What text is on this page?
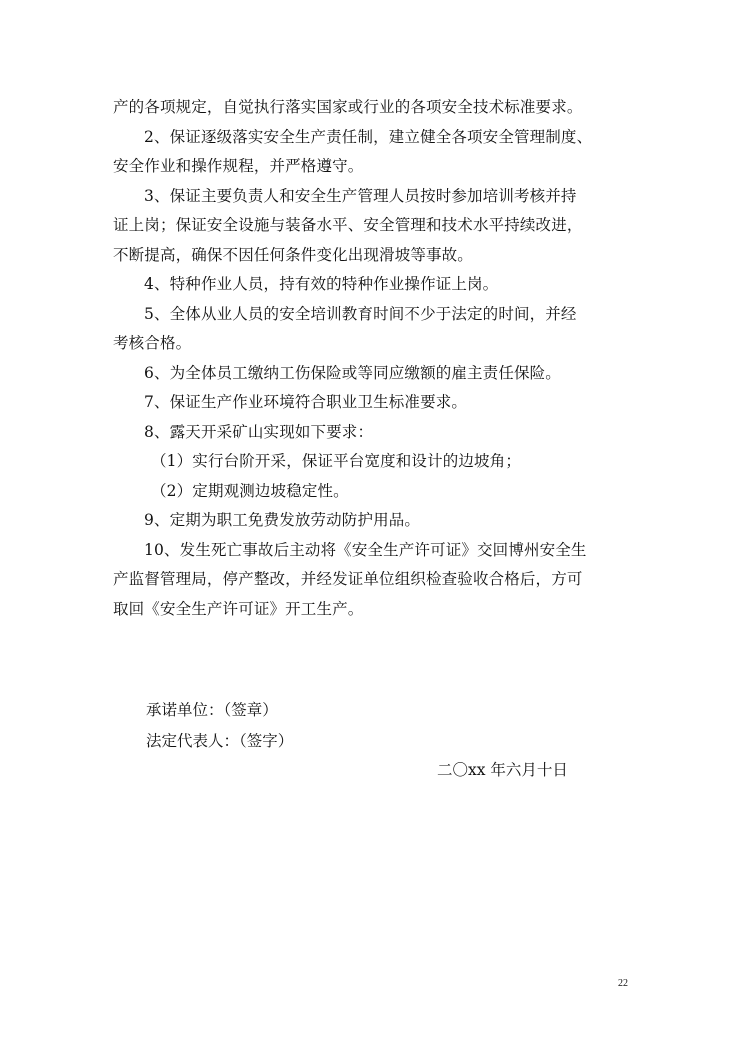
产的各项规定，自觉执行落实国家或行业的各项安全技术标准要求。
2、保证逐级落实安全生产责任制，建立健全各项安全管理制度、
安全作业和操作规程，并严格遵守。
3、保证主要负责人和安全生产管理人员按时参加培训考核并持
证上岗；保证安全设施与装备水平、安全管理和技术水平持续改进，
不断提高，确保不因任何条件变化出现滑坡等事故。
4、特种作业人员，持有效的特种作业操作证上岗。
5、全体从业人员的安全培训教育时间不少于法定的时间，并经
考核合格。
6、为全体员工缴纳工伤保险或等同应缴额的雇主责任保险。
7、保证生产作业环境符合职业卫生标准要求。
8、露天开采矿山实现如下要求：
（1）实行台阶开采，保证平台宽度和设计的边坡角；
（2）定期观测边坡稳定性。
9、定期为职工免费发放劳动防护用品。
10、发生死亡事故后主动将《安全生产许可证》交回博州安全生
产监督管理局，停产整改，并经发证单位组织检查验收合格后，方可
取回《安全生产许可证》开工生产。
承诺单位：（签章）
法定代表人：（签字）
二〇xx 年六月十日
22
